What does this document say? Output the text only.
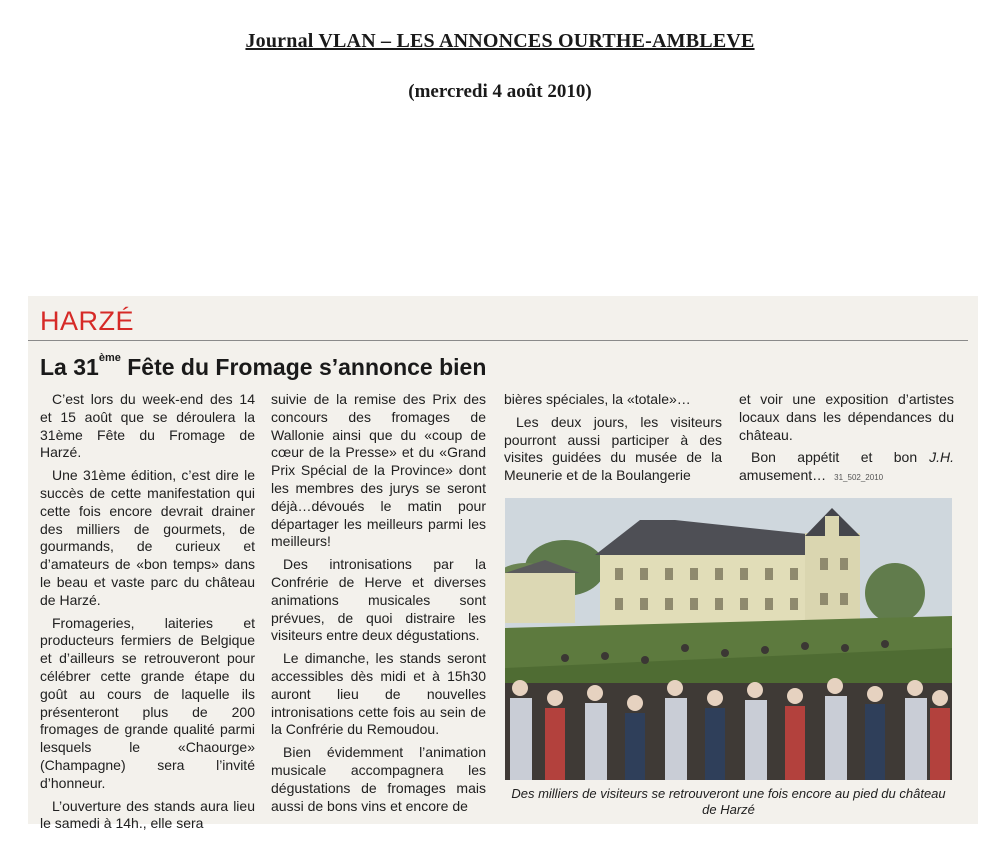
Journal VLAN – LES ANNONCES OURTHE-AMBLEVE
(mercredi 4 août 2010)
HARZÉ
La 31ème Fête du Fromage s’annonce bien

C’est lors du week-end des 14 et 15 août que se déroulera la 31ème Fête du Fromage de Harzé.

Une 31ème édition, c’est dire le succès de cette manifestation qui cette fois encore devrait drainer des milliers de gourmets, de gourmands, de curieux et d’amateurs de «bon temps» dans le beau et vaste parc du château de Harzé.

Fromageries, laiteries et producteurs fermiers de Belgique et d’ailleurs se retrouveront pour célébrer cette grande étape du goût au cours de laquelle ils présenteront plus de 200 fromages de grande qualité parmi lesquels le «Chaourge» (Champagne) sera l’invité d’honneur.

L’ouverture des stands aura lieu le samedi à 14h., elle sera

suivie de la remise des Prix des concours des fromages de Wallonie ainsi que du «coup de cœur de la Presse» et du «Grand Prix Spécial de la Province» dont les membres des jurys se seront déjà…dévoués le matin pour départager les meilleurs parmi les meilleurs!

Des intronisations par la Confrérie de Herve et diverses animations musicales sont prévues, de quoi distraire les visiteurs entre deux dégustations.

Le dimanche, les stands seront accessibles dès midi et à 15h30 auront lieu de nouvelles intronisations cette fois au sein de la Confrérie du Remoudou.

Bien évidemment l’animation musicale accompagnera les dégustations de fromages mais aussi de bons vins et encore de

bières spéciales, la «totale»…

Les deux jours, les visiteurs pourront aussi participer à des visites guidées du musée de la Meunerie et de la Boulangerie

et voir une exposition d’artistes locaux dans les dépendances du château.

Bon appétit et bon amusement… 31_502_2010
J.H.

Des milliers de visiteurs se retrouveront une fois encore au pied du château de Harzé
